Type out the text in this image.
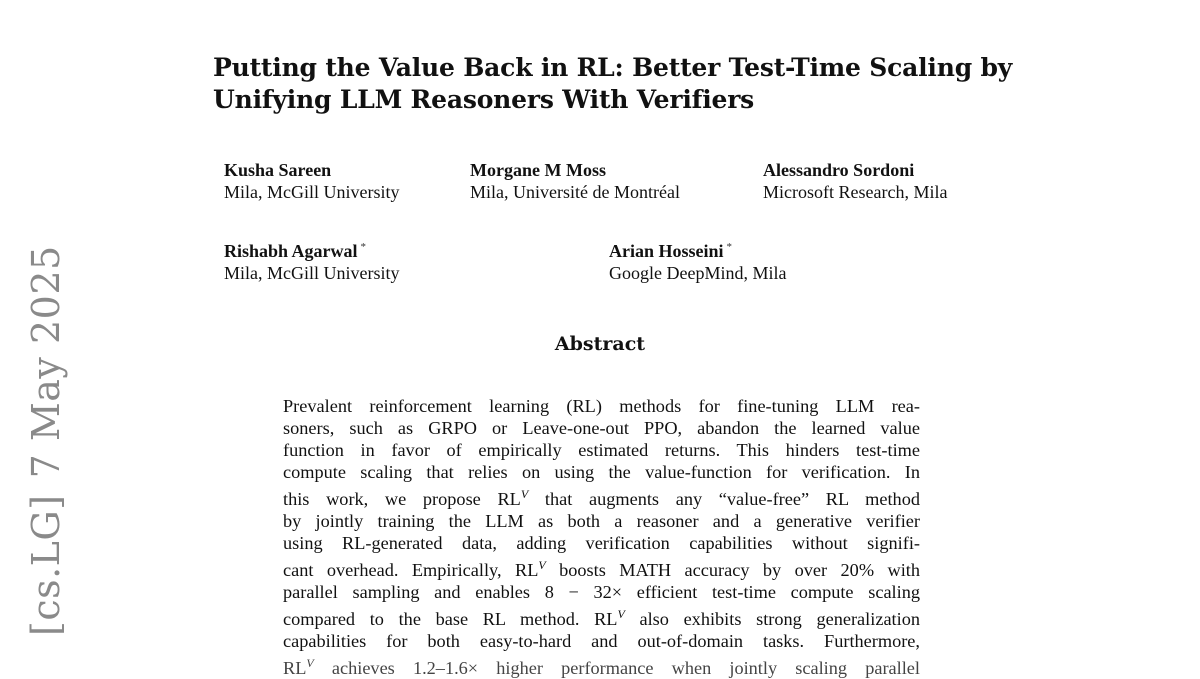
Putting the Value Back in RL: Better Test-Time Scaling by
Unifying LLM Reasoners With Verifiers
Kusha Sareen
Mila, McGill University
Morgane M Moss
Mila, Université de Montréal
Alessandro Sordoni
Microsoft Research, Mila
Rishabh Agarwal *
Mila, McGill University
Arian Hosseini *
Google DeepMind, Mila
Abstract
Prevalent reinforcement learning (RL) methods for fine-tuning LLM rea-
soners, such as GRPO or Leave-one-out PPO, abandon the learned value
function in favor of empirically estimated returns. This hinders test-time
compute scaling that relies on using the value-function for verification. In
this work, we propose $RL^V$ that augments any “value-free” RL method
by jointly training the LLM as both a reasoner and a generative verifier
using RL-generated data, adding verification capabilities without signifi-
cant overhead. Empirically, $RL^V$ boosts MATH accuracy by over 20% with
parallel sampling and enables 8 − 32× efficient test-time compute scaling
compared to the base RL method. $RL^V$ also exhibits strong generalization
capabilities for both easy-to-hard and out-of-domain tasks. Furthermore,
$RL^V$ achieves 1.2–1.6× higher performance when jointly scaling parallel
[cs.LG]7 May 2025
